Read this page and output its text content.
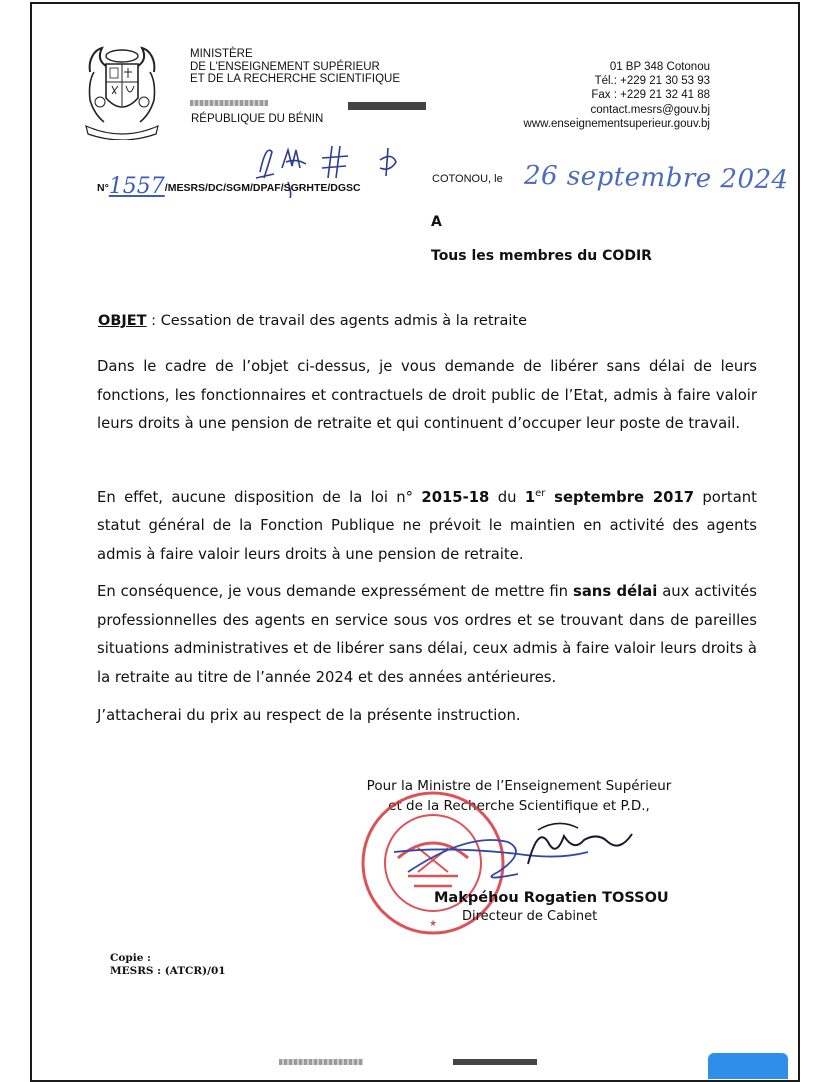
MINISTÈRE
DE L'ENSEIGNEMENT SUPÉRIEUR
ET DE LA RECHERCHE SCIENTIFIQUE
RÉPUBLIQUE DU BÉNIN
01 BP 348 Cotonou
Tél.: +229 21 30 53 93
Fax : +229 21 32 41 88
contact.mesrs@gouv.bj
www.enseignementsuperieur.gouv.bj
N°1557/MESRS/DC/SGM/DPAF/SGRHTE/DGSC
COTONOU, le 26 septembre 2024
A
Tous les membres du CODIR
OBJET : Cessation de travail des agents admis à la retraite
Dans le cadre de l’objet ci-dessus, je vous demande de libérer sans délai de leurs fonctions, les fonctionnaires et contractuels de droit public de l’Etat, admis à faire valoir leurs droits à une pension de retraite et qui continuent d’occuper leur poste de travail.
En effet, aucune disposition de la loi n° 2015-18 du 1er septembre 2017 portant statut général de la Fonction Publique ne prévoit le maintien en activité des agents admis à faire valoir leurs droits à une pension de retraite.
En conséquence, je vous demande expressément de mettre fin sans délai aux activités professionnelles des agents en service sous vos ordres et se trouvant dans de pareilles situations administratives et de libérer sans délai, ceux admis à faire valoir leurs droits à la retraite au titre de l’année 2024 et des années antérieures.
J’attacherai du prix au respect de la présente instruction.
Pour la Ministre de l’Enseignement Supérieur
et de la Recherche Scientifique et P.D.,
★
Makpéhou Rogatien TOSSOU
Directeur de Cabinet
Copie :
MESRS : (ATCR)/01
